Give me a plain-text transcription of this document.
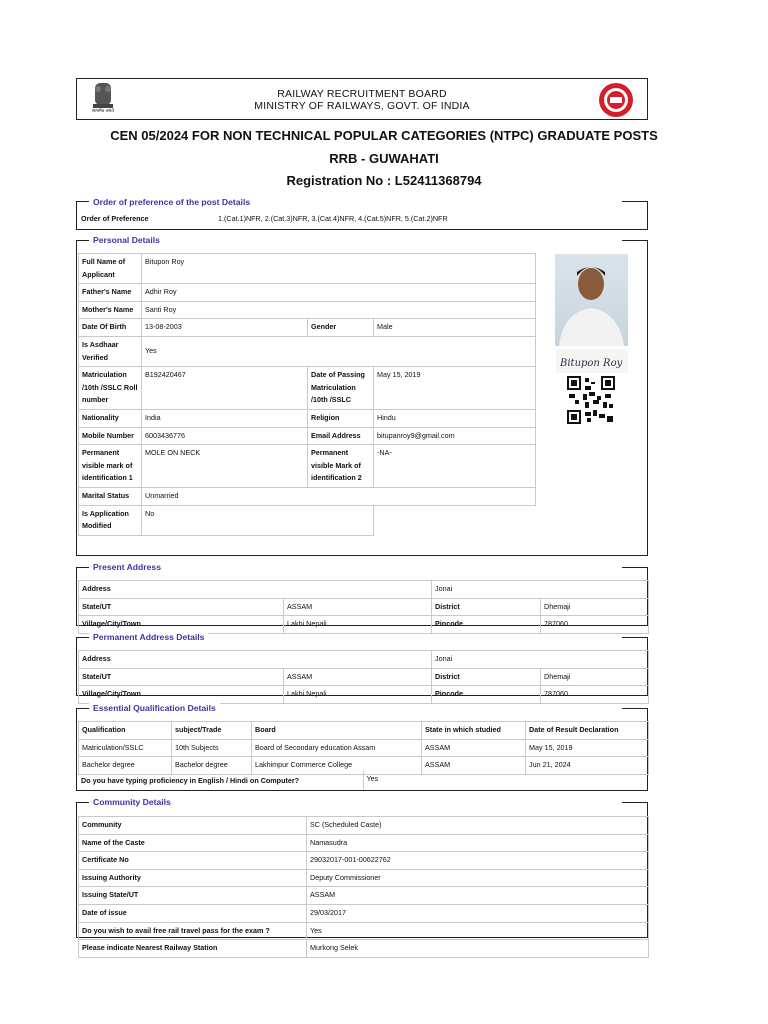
सत्यमेव जयते
RAILWAY RECRUITMENT BOARD
MINISTRY OF RAILWAYS, GOVT. OF INDIA
CEN 05/2024 FOR NON TECHNICAL POPULAR CATEGORIES (NTPC) GRADUATE POSTS
RRB - GUWAHATI
Registration No : L52411368794
Order of preference of the post Details
Order of Preference	1.(Cat.1)NFR, 2.(Cat.3)NFR, 3.(Cat.4)NFR, 4.(Cat.5)NFR, 5.(Cat.2)NFR
Personal Details
Full Name of Applicant	Bitupon Roy		
Father's Name	Adhir Roy		
Mother's Name	Santi Roy		
Date Of Birth	13-08-2003	Gender	Male
Is Asdhaar Verified	Yes		
Matriculation /10th /SSLC Roll number	B192420467	Date of Passing Matriculation /10th /SSLC	May 15, 2019
Nationality	India	Religion	Hindu
Mobile Number	6003436776	Email Address	bitupanroy9@gmail.com
Permanent visible mark of identification 1	MOLE ON NECK	Permanent visible Mark of identification 2	-NA-
Marital Status	Unmarried		
Is Application Modified	No		
Bitupon Roy
Present Address
Address		Jonai	
State/UT	ASSAM	District	Dhemaji
Village/City/Town	Lakhi Nepali	Pincode	787060
Permanent Address Details
Address		Jonai	
State/UT	ASSAM	District	Dhemaji
Village/City/Town	Lakhi Nepali	Pincode	787060
Essential Qualification Details
Qualification	subject/Trade	Board	State in which studied	Date of Result Declaration
Matriculation/SSLC	10th Subjects	Board of Secondary education Assam	ASSAM	May 15, 2019
Bachelor degree	Bachelor degree	Lakhimpur Commerce College	ASSAM	Jun 21, 2024
Do you have typing proficiency in English / Hindi on Computer?	Yes
Community Details
Community	SC (Scheduled Caste)
Name of the Caste	Namasudra
Certificate No	29032017-001-00622762
Issuing Authority	Deputy Commissioner
Issuing State/UT	ASSAM
Date of issue	29/03/2017
Do you wish to avail free rail travel pass for the exam ?	Yes
Please indicate Nearest Railway Station	Murkong Selek
